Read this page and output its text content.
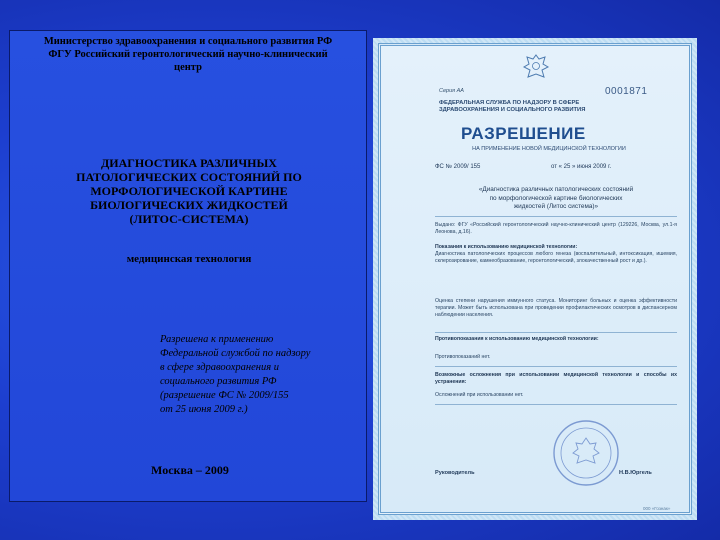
Министерство здравоохранения и социального развития РФ
ФГУ Российский геронтологический научно-клинический
центр
ДИАГНОСТИКА РАЗЛИЧНЫХ
ПАТОЛОГИЧЕСКИХ СОСТОЯНИЙ ПО
МОРФОЛОГИЧЕСКОЙ КАРТИНЕ
БИОЛОГИЧЕСКИХ ЖИДКОСТЕЙ
(ЛИТОС-СИСТЕМА)
медицинская технология
Разрешена к применению
Федеральной службой по надзору
в сфере здравоохранения и
социального развития РФ
(разрешение ФС № 2009/155
от 25 июня 2009 г.)
Москва – 2009
Серия АА	0001871
ФЕДЕРАЛЬНАЯ СЛУЖБА ПО НАДЗОРУ В СФЕРЕ
ЗДРАВООХРАНЕНИЯ И СОЦИАЛЬНОГО РАЗВИТИЯ
РАЗРЕШЕНИЕ
НА ПРИМЕНЕНИЕ НОВОЙ МЕДИЦИНСКОЙ ТЕХНОЛОГИИ
ФС № 2009/ 155	от « 25 » июня 2009 г.
«Диагностика различных патологических состояний
по морфологической картине биологических
жидкостей (Литос система)»
Выдано: ФГУ «Российский геронтологический научно-клинический центр (129226, Москва, ул.1-я Леонова, д.16).
Показания к использованию медицинской технологии:
Диагностика патологических процессов любого генеза (воспалительный, интоксикация, ишемия, склерозирование, камнеобразование, геронтологический, злокачественный рост и др.).
Оценка степени нарушения иммунного статуса. Мониторинг больных и оценка эффективности терапии. Может быть использована при проведении профилактических осмотров в диспансерном наблюдении населения.
Противопоказания к использованию медицинской технологии:
Противопоказаний нет.
Возможные осложнения при использовании медицинской технологии и способы их устранения:
Осложнений при использовании нет.
Руководитель	Н.В.Юргель
000 «Гознак»
